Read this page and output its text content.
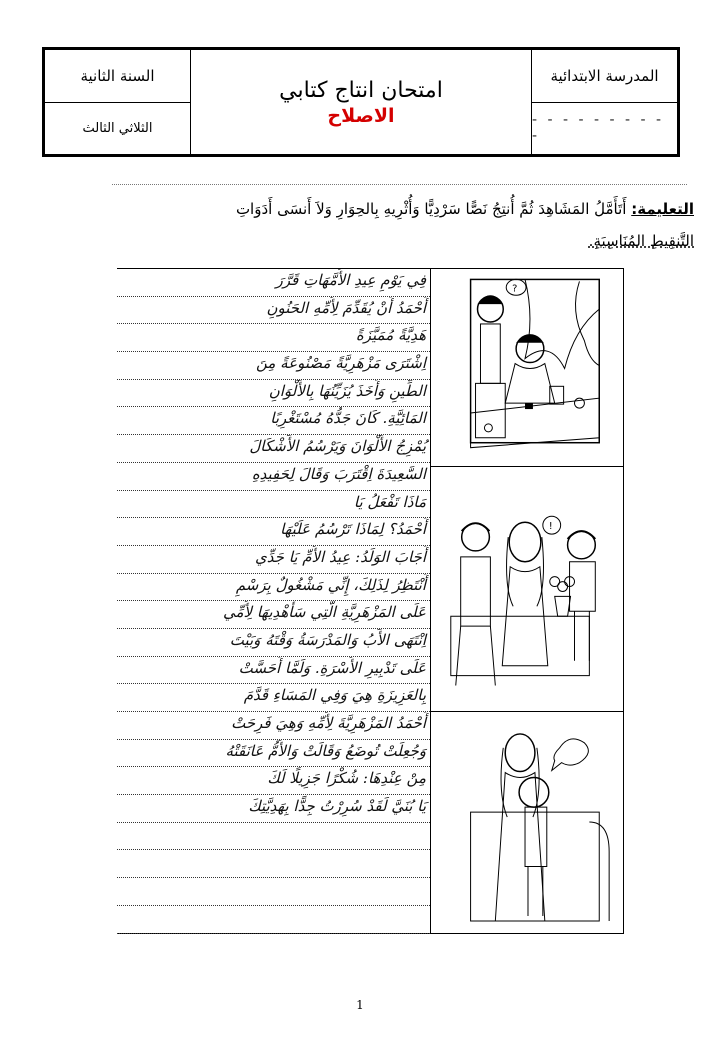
السنة الثانية
الثلاثي الثالث
امتحان انتاج كتابي
الاصلاح
المدرسة الابتدائية
- - - - - - - - - -
التعليمة: أَتَأَمَّلُ المَشَاهِدَ ثُمَّ أُنتِجُ نَصًّا سَرْدِيًّا وَأُثْرِيهِ بِالحِوَارِ وَلاَ أَنسَى أَدَوَاتِ
التَّنقِيطِ المُنَاسِبَةِ.
فِي يَوْمِ عِيدِ الأُمَّهَاتِ قَرَّرَ
أَحْمَدُ أَنْ يُقَدِّمَ لِأُمِّهِ الحَنُونِ
هَدِيَّةً مُمَيَّزَةً
اِشْتَرَى مَزْهَرِيَّةً مَصْنُوعَةً مِنَ
الطِّينِ وَأَخَذَ يُزَيِّنُهَا بِالأَلْوَانِ
المَائِيَّةِ. كَانَ جَدُّهُ مُسْتَغْرِبًا
يُمْزِجُ الأَلْوَانَ وَيَرْسُمُ الأَشْكَالَ
السَّعِيدَةَ اِقْتَرَبَ وَقَالَ لِحَفِيدِهِ
مَاذَا تَفْعَلُ يَا
أَحْمَدُ؟ لِمَاذَا تَرْسُمُ عَلَيْهَا
أَجَابَ الوَلَدُ: عِيدُ الأُمِّ يَا جَدِّي
أَنْتَظِرُ لِذَلِكَ، إِنِّي مَشْغُولٌ بِرَسْمِ
عَلَى المَزْهَرِيَّةِ الَّتِي سَأُهْدِيهَا لِأُمِّي
اِنْتَهَى الأَبُ وَالمَدْرَسَةُ وَقْتَهُ وَبَيْتَ
عَلَى تَدْبِيرِ الأُسْرَةِ. وَلَمَّا أَحَسَّتْ
بِالعَزِيزَةِ هِيَ وَفِي المَسَاءِ قَدَّمَ
أَحْمَدُ المَزْهَرِيَّةَ لِأُمِّهِ وَهِيَ فَرِحَتْ
وَجُعِلَتْ تُوضَعُ وَقَالَتْ وَالأُمُّ عَانَقَتْهُ
مِنْ عِنْدِهَا: شُكْرًا جَزِيلًا لَكَ
يَا بُنَيَّ لَقَدْ سُرِرْتُ جِدًّا بِهَدِيَّتِكَ
?
!
1
